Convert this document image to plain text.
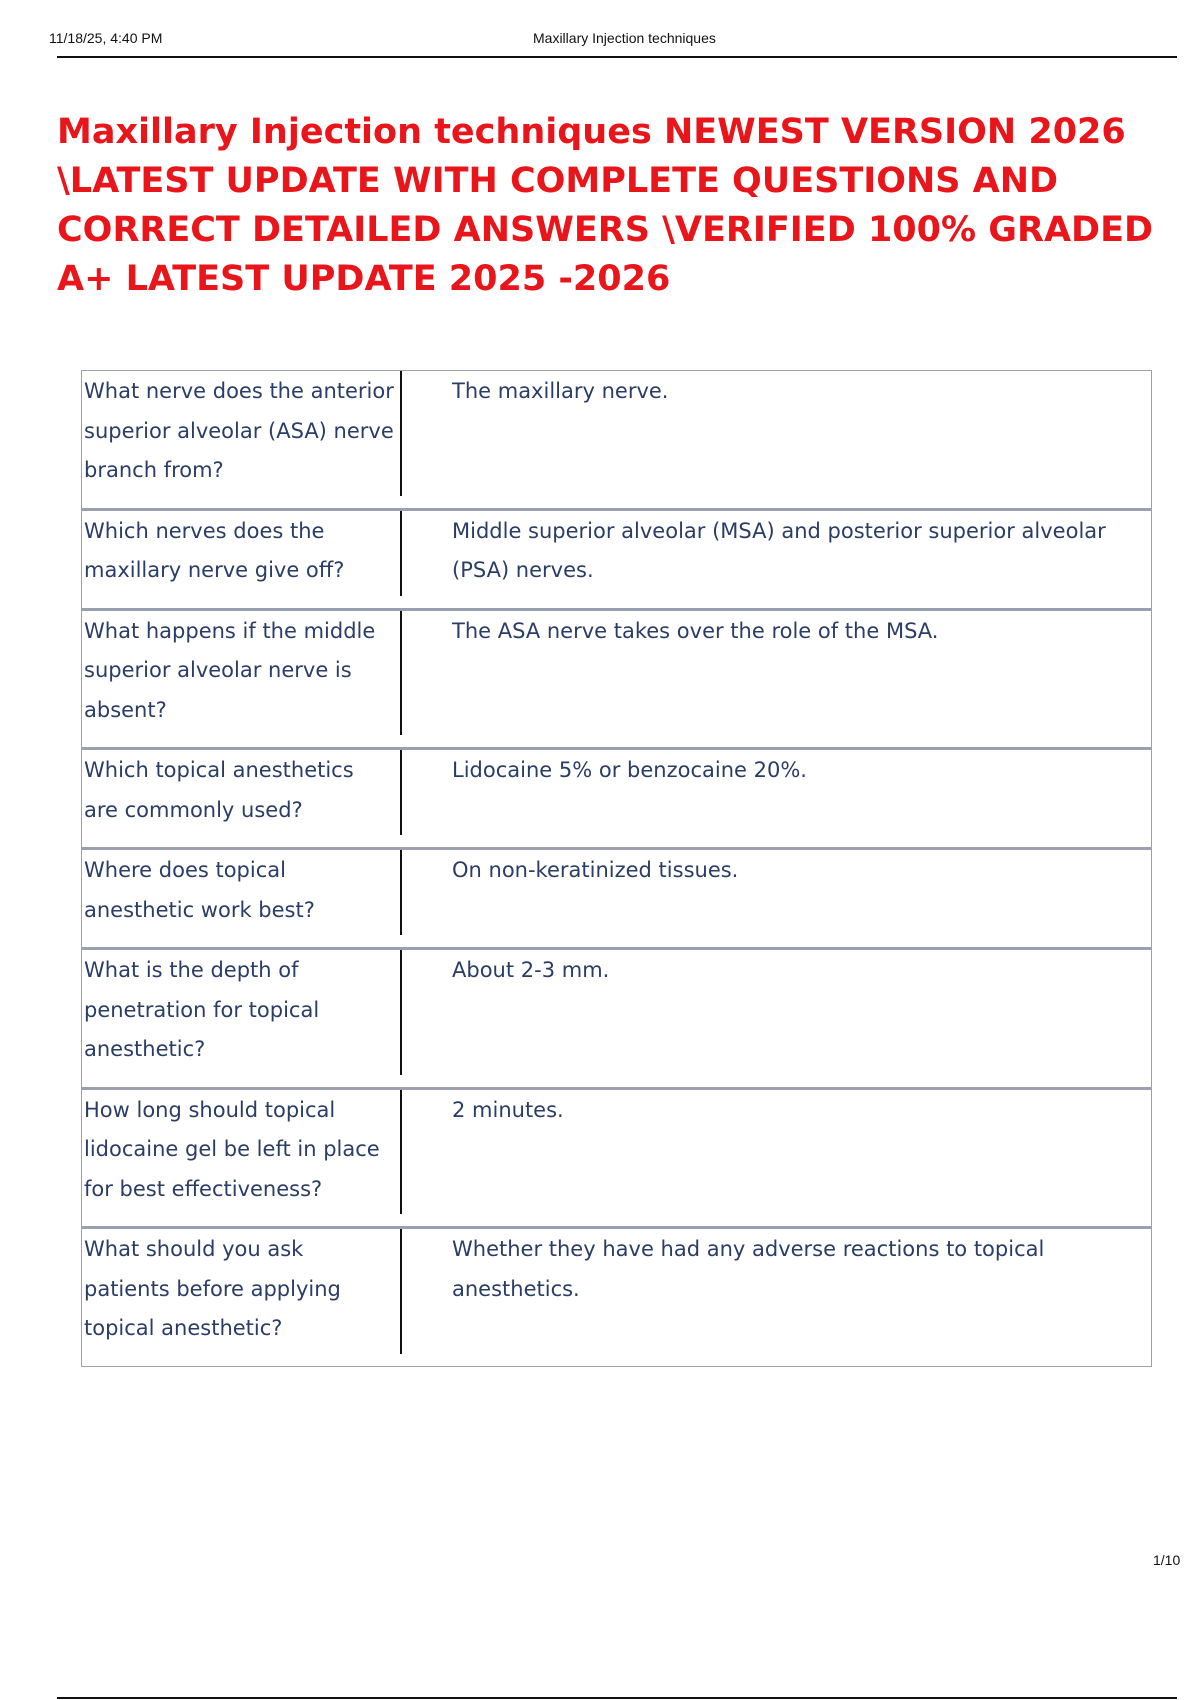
11/18/25, 4:40 PM	Maxillary Injection techniques
Maxillary Injection techniques NEWEST VERSION 2026 \LATEST UPDATE WITH COMPLETE QUESTIONS AND CORRECT DETAILED ANSWERS \VERIFIED 100% GRADED A+ LATEST UPDATE 2025 -2026
What nerve does the anterior superior alveolar (ASA) nerve branch from?	The maxillary nerve.

Which nerves does the maxillary nerve give off?	Middle superior alveolar (MSA) and posterior superior alveolar (PSA) nerves.

What happens if the middle superior alveolar nerve is absent?	The ASA nerve takes over the role of the MSA.

Which topical anesthetics are commonly used?	Lidocaine 5% or benzocaine 20%.

Where does topical anesthetic work best?	On non-keratinized tissues.

What is the depth of penetration for topical anesthetic?	About 2-3 mm.

How long should topical lidocaine gel be left in place for best effectiveness?	2 minutes.

What should you ask patients before applying topical anesthetic?	Whether they have had any adverse reactions to topical anesthetics.
1/10
